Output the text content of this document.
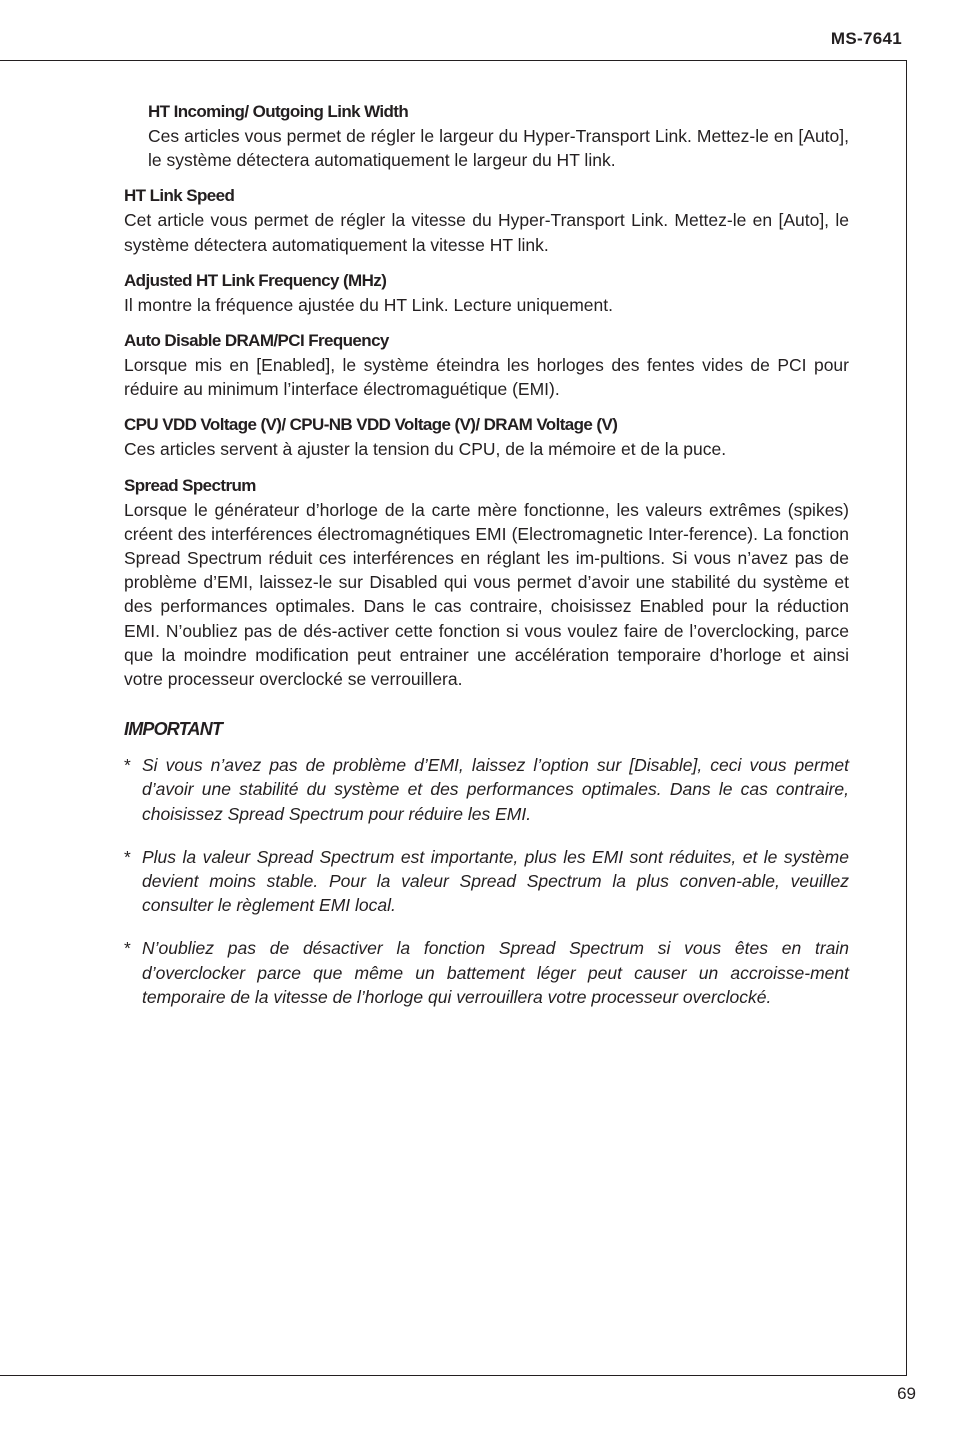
MS-7641

HT Incoming/ Outgoing Link Width

Ces articles vous permet de régler le largeur du Hyper-Transport Link. Mettez-le en [Auto], le système détectera automatiquement le largeur du HT link.

HT Link Speed

Cet article vous permet de régler la vitesse du Hyper-Transport Link. Mettez-le en [Auto], le système détectera automatiquement la vitesse HT link.

Adjusted HT Link Frequency (MHz)

Il montre la fréquence ajustée du HT Link. Lecture uniquement.

Auto Disable DRAM/PCI Frequency

Lorsque mis en [Enabled], le système éteindra les horloges des fentes vides de PCI pour réduire au minimum l’interface électromaguétique (EMI).

CPU VDD Voltage (V)/ CPU-NB VDD Voltage (V)/ DRAM Voltage (V)

Ces articles servent à ajuster la tension du CPU, de la mémoire et de la puce.

Spread Spectrum

Lorsque le générateur d’horloge de la carte mère fonctionne, les valeurs extrêmes (spikes) créent des interférences électromagnétiques EMI (Electromagnetic Inter-ference). La fonction Spread Spectrum réduit ces interférences en réglant les im-pultions. Si vous n’avez pas de problème d’EMI, laissez-le sur Disabled qui vous permet d’avoir une stabilité du système et des performances optimales. Dans le cas contraire, choisissez Enabled pour la réduction EMI. N’oubliez pas de dés-activer cette fonction si vous voulez faire de l’overclocking, parce que la moindre modification peut entrainer une accélération temporaire d’horloge et ainsi votre processeur overclocké se verrouillera.

IMPORTANT
* Si vous n’avez pas de problème d’EMI, laissez l’option sur [Disable], ceci vous permet d’avoir une stabilité du système et des performances optimales. Dans le cas contraire, choisissez Spread Spectrum pour réduire les EMI.

* Plus la valeur Spread Spectrum est importante, plus les EMI sont réduites, et le système devient moins stable. Pour la valeur Spread Spectrum la plus conven-able, veuillez consulter le règlement EMI local.

* N’oubliez pas de désactiver la fonction Spread Spectrum si vous êtes en train d’overclocker parce que même un battement léger peut causer un accroisse-ment temporaire de la vitesse de l’horloge qui verrouillera votre processeur overclocké.

69
